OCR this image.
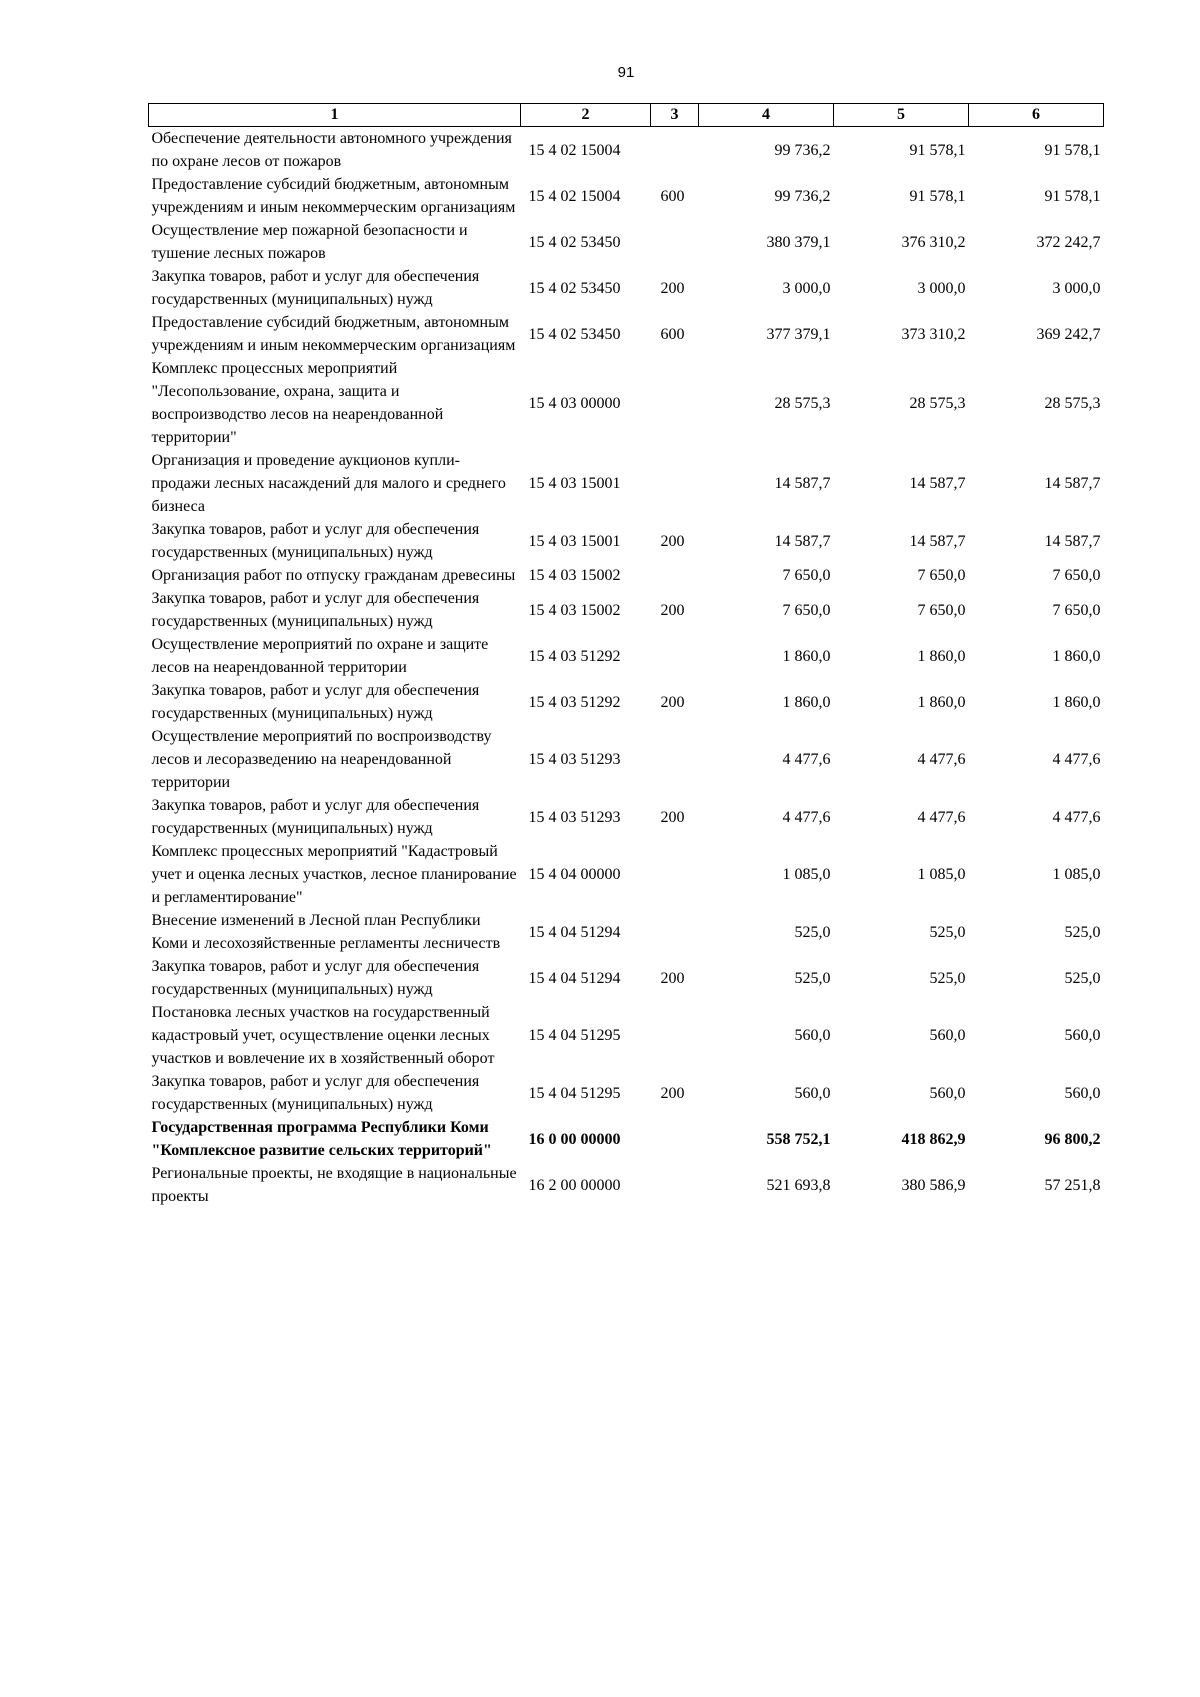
91
1	2	3	4	5	6
Обеспечение деятельности автономного учреждения по охране лесов от пожаров	15 4 02 15004		99 736,2	91 578,1	91 578,1
Предоставление субсидий бюджетным, автономным учреждениям и иным некоммерческим организациям	15 4 02 15004	600	99 736,2	91 578,1	91 578,1
Осуществление мер пожарной безопасности и тушение лесных пожаров	15 4 02 53450		380 379,1	376 310,2	372 242,7
Закупка товаров, работ и услуг для обеспечения государственных (муниципальных) нужд	15 4 02 53450	200	3 000,0	3 000,0	3 000,0
Предоставление субсидий бюджетным, автономным учреждениям и иным некоммерческим организациям	15 4 02 53450	600	377 379,1	373 310,2	369 242,7
Комплекс процессных мероприятий "Лесопользование, охрана, защита и воспроизводство лесов на неарендованной территории"	15 4 03 00000		28 575,3	28 575,3	28 575,3
Организация и проведение аукционов купли-продажи лесных насаждений для малого и среднего бизнеса	15 4 03 15001		14 587,7	14 587,7	14 587,7
Закупка товаров, работ и услуг для обеспечения государственных (муниципальных) нужд	15 4 03 15001	200	14 587,7	14 587,7	14 587,7
Организация работ по отпуску гражданам древесины	15 4 03 15002		7 650,0	7 650,0	7 650,0
Закупка товаров, работ и услуг для обеспечения государственных (муниципальных) нужд	15 4 03 15002	200	7 650,0	7 650,0	7 650,0
Осуществление мероприятий по охране и защите лесов на неарендованной территории	15 4 03 51292		1 860,0	1 860,0	1 860,0
Закупка товаров, работ и услуг для обеспечения государственных (муниципальных) нужд	15 4 03 51292	200	1 860,0	1 860,0	1 860,0
Осуществление мероприятий по воспроизводству лесов и лесоразведению на неарендованной территории	15 4 03 51293		4 477,6	4 477,6	4 477,6
Закупка товаров, работ и услуг для обеспечения государственных (муниципальных) нужд	15 4 03 51293	200	4 477,6	4 477,6	4 477,6
Комплекс процессных мероприятий "Кадастровый учет и оценка лесных участков, лесное планирование и регламентирование"	15 4 04 00000		1 085,0	1 085,0	1 085,0
Внесение изменений в Лесной план Республики Коми и лесохозяйственные регламенты лесничеств	15 4 04 51294		525,0	525,0	525,0
Закупка товаров, работ и услуг для обеспечения государственных (муниципальных) нужд	15 4 04 51294	200	525,0	525,0	525,0
Постановка лесных участков на государственный кадастровый учет, осуществление оценки лесных участков и вовлечение их в хозяйственный оборот	15 4 04 51295		560,0	560,0	560,0
Закупка товаров, работ и услуг для обеспечения государственных (муниципальных) нужд	15 4 04 51295	200	560,0	560,0	560,0
Государственная программа Республики Коми "Комплексное развитие сельских территорий"	16 0 00 00000		558 752,1	418 862,9	96 800,2
Региональные проекты, не входящие в национальные проекты	16 2 00 00000		521 693,8	380 586,9	57 251,8
